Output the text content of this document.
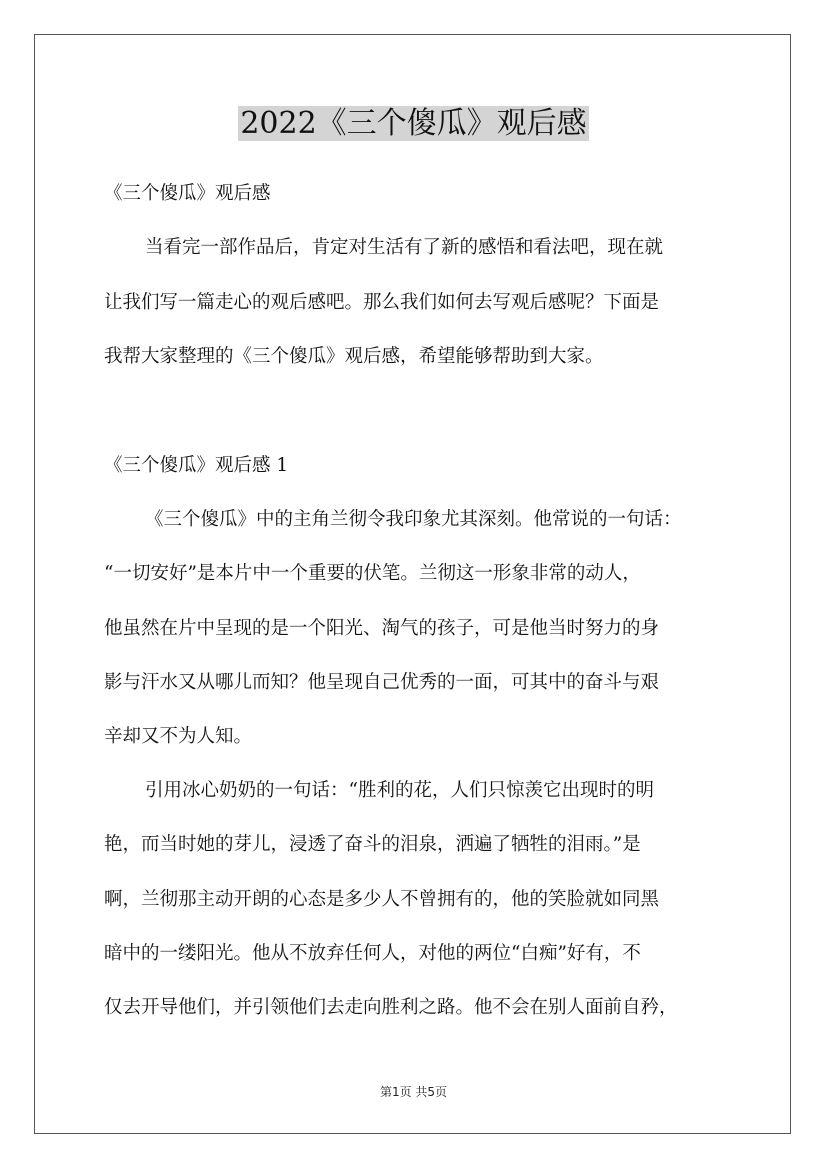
2022《三个傻瓜》观后感
《三个傻瓜》观后感
当看完一部作品后，肯定对生活有了新的感悟和看法吧，现在就
让我们写一篇走心的观后感吧。那么我们如何去写观后感呢？下面是
我帮大家整理的《三个傻瓜》观后感，希望能够帮助到大家。
《三个傻瓜》观后感 1
《三个傻瓜》中的主角兰彻令我印象尤其深刻。他常说的一句话：
“一切安好”是本片中一个重要的伏笔。兰彻这一形象非常的动人，
他虽然在片中呈现的是一个阳光、淘气的孩子，可是他当时努力的身
影与汗水又从哪儿而知？他呈现自己优秀的一面，可其中的奋斗与艰
辛却又不为人知。
引用冰心奶奶的一句话：“胜利的花，人们只惊羡它出现时的明
艳，而当时她的芽儿，浸透了奋斗的泪泉，洒遍了牺牲的泪雨。”是
啊，兰彻那主动开朗的心态是多少人不曾拥有的，他的笑脸就如同黑
暗中的一缕阳光。他从不放弃任何人，对他的两位“白痴”好有，不
仅去开导他们，并引领他们去走向胜利之路。他不会在别人面前自矜，
第1页 共5页
